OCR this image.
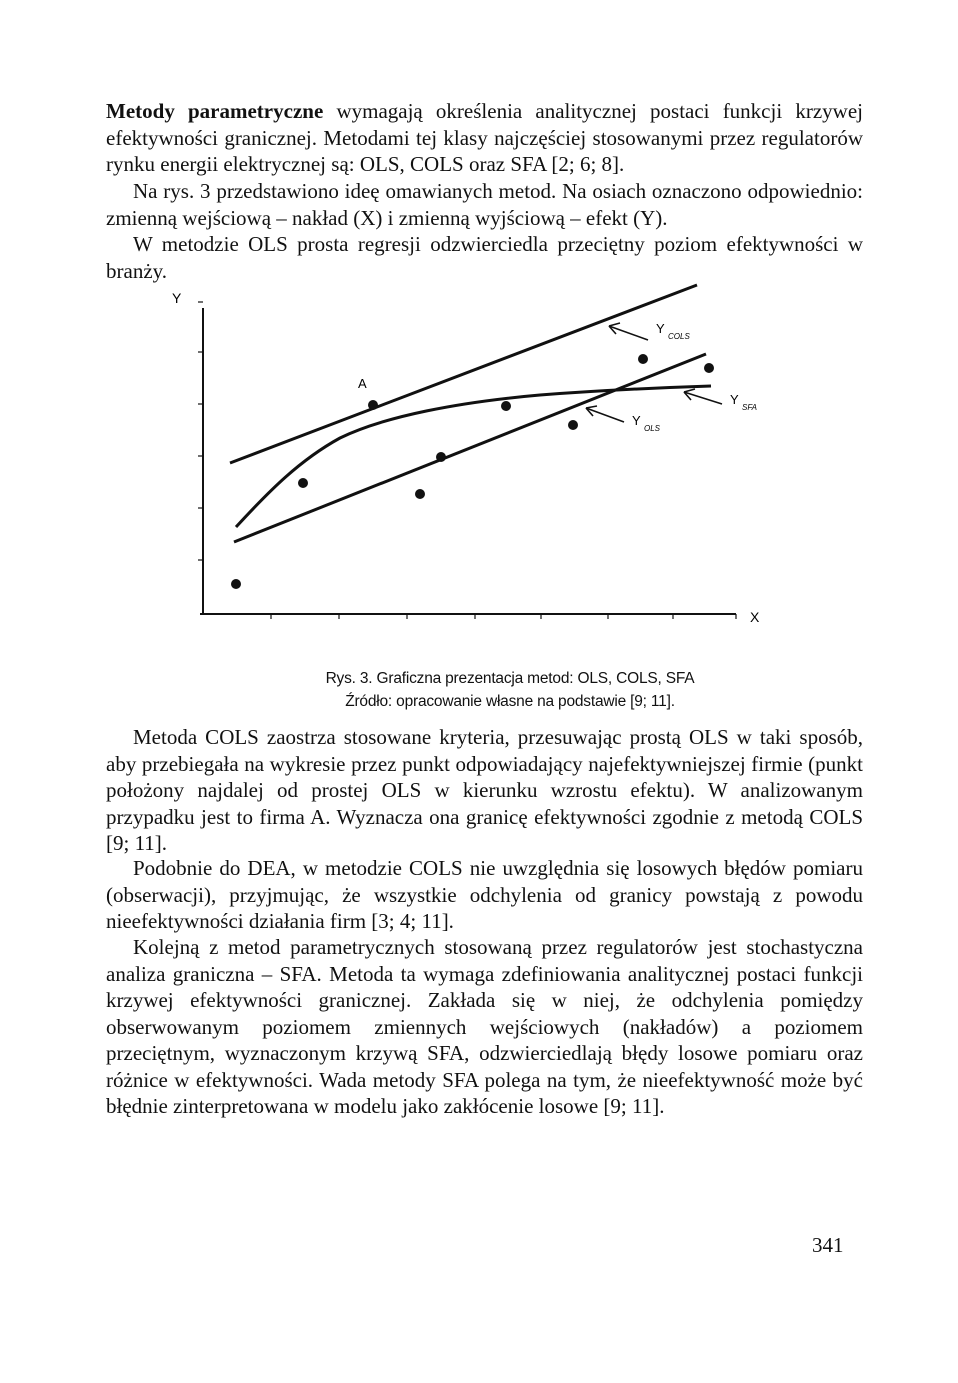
Metody parametryczne wymagają określenia analitycznej postaci funkcji krzywej efektywności granicznej. Metodami tej klasy najczęściej stosowanymi przez regulatorów rynku energii elektrycznej są: OLS, COLS oraz SFA [2; 6; 8].

Na rys. 3 przedstawiono ideę omawianych metod. Na osiach oznaczono odpowiednio: zmienną wejściową – nakład (X) i zmienną wyjściową – efekt (Y).

W metodzie OLS prosta regresji odzwierciedla przeciętny poziom efektywności w branży.

Y
X
A
Y
COLS
Y
OLS
Y
SFA
Rys. 3. Graficzna prezentacja metod: OLS, COLS, SFA
Źródło: opracowanie własne na podstawie [9; 11].

Metoda COLS zaostrza stosowane kryteria, przesuwając prostą OLS w taki sposób, aby przebiegała na wykresie przez punkt odpowiadający najefektywniejszej firmie (punkt położony najdalej od prostej OLS w kierunku wzrostu efektu). W analizowanym przypadku jest to firma A. Wyznacza ona granicę efektywności zgodnie z metodą COLS [9; 11].

Podobnie do DEA, w metodzie COLS nie uwzględnia się losowych błędów pomiaru (obserwacji), przyjmując, że wszystkie odchylenia od granicy powstają z powodu nieefektywności działania firm [3; 4; 11].

Kolejną z metod parametrycznych stosowaną przez regulatorów jest stochastyczna analiza graniczna – SFA. Metoda ta wymaga zdefiniowania analitycznej postaci funkcji krzywej efektywności granicznej. Zakłada się w niej, że odchylenia pomiędzy obserwowanym poziomem zmiennych wejściowych (nakładów) a poziomem przeciętnym, wyznaczonym krzywą SFA, odzwierciedlają błędy losowe pomiaru oraz różnice w efektywności. Wada metody SFA polega na tym, że nieefektywność może być błędnie zinterpretowana w modelu jako zakłócenie losowe [9; 11].

341
